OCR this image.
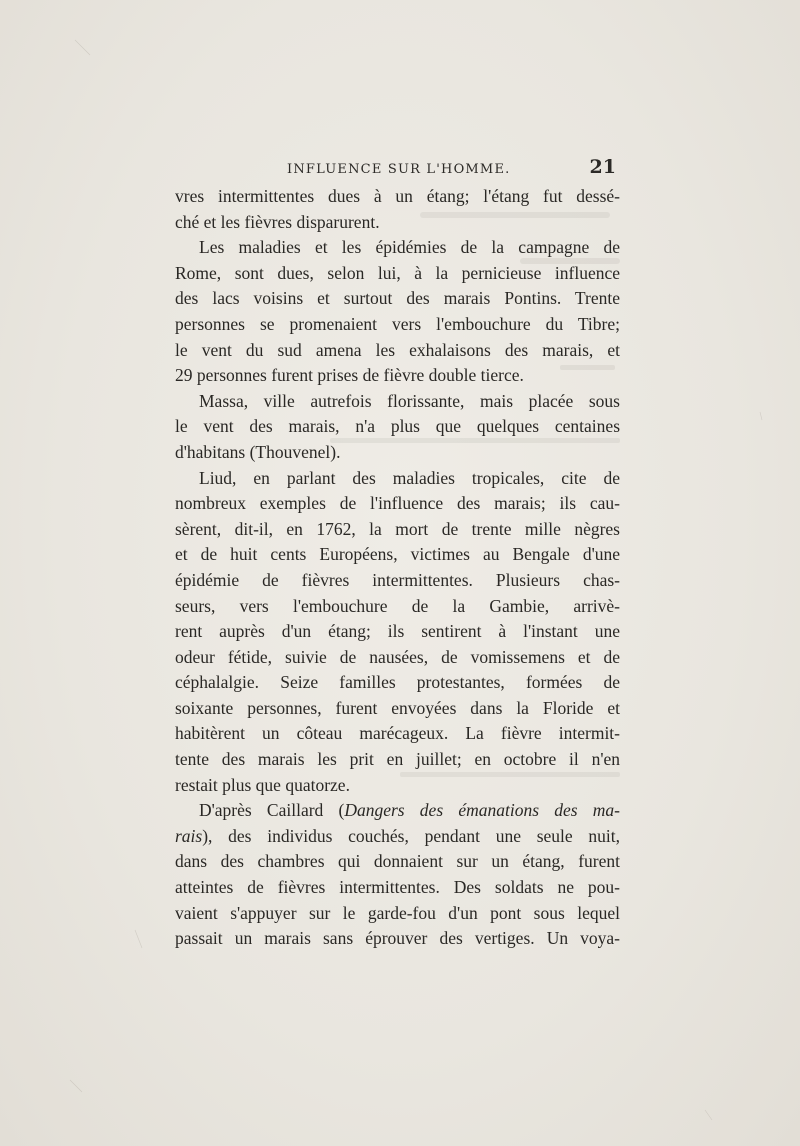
INFLUENCE SUR L'HOMME.	21
vres intermittentes dues à un étang; l'étang fut dessé-
ché et les fièvres disparurent.
Les maladies et les épidémies de la campagne de
Rome, sont dues, selon lui, à la pernicieuse influence
des lacs voisins et surtout des marais Pontins. Trente
personnes se promenaient vers l'embouchure du Tibre;
le vent du sud amena les exhalaisons des marais, et
29 personnes furent prises de fièvre double tierce.
Massa, ville autrefois florissante, mais placée sous
le vent des marais, n'a plus que quelques centaines
d'habitans (Thouvenel).
Liud, en parlant des maladies tropicales, cite de
nombreux exemples de l'influence des marais; ils cau-
sèrent, dit-il, en 1762, la mort de trente mille nègres
et de huit cents Européens, victimes au Bengale d'une
épidémie de fièvres intermittentes. Plusieurs chas-
seurs, vers l'embouchure de la Gambie, arrivè-
rent auprès d'un étang; ils sentirent à l'instant une
odeur fétide, suivie de nausées, de vomissemens et de
céphalalgie. Seize familles protestantes, formées de
soixante personnes, furent envoyées dans la Floride et
habitèrent un côteau marécageux. La fièvre intermit-
tente des marais les prit en juillet; en octobre il n'en
restait plus que quatorze.
D'après Caillard (Dangers des émanations des ma-
rais), des individus couchés, pendant une seule nuit,
dans des chambres qui donnaient sur un étang, furent
atteintes de fièvres intermittentes. Des soldats ne pou-
vaient s'appuyer sur le garde-fou d'un pont sous lequel
passait un marais sans éprouver des vertiges. Un voya-
